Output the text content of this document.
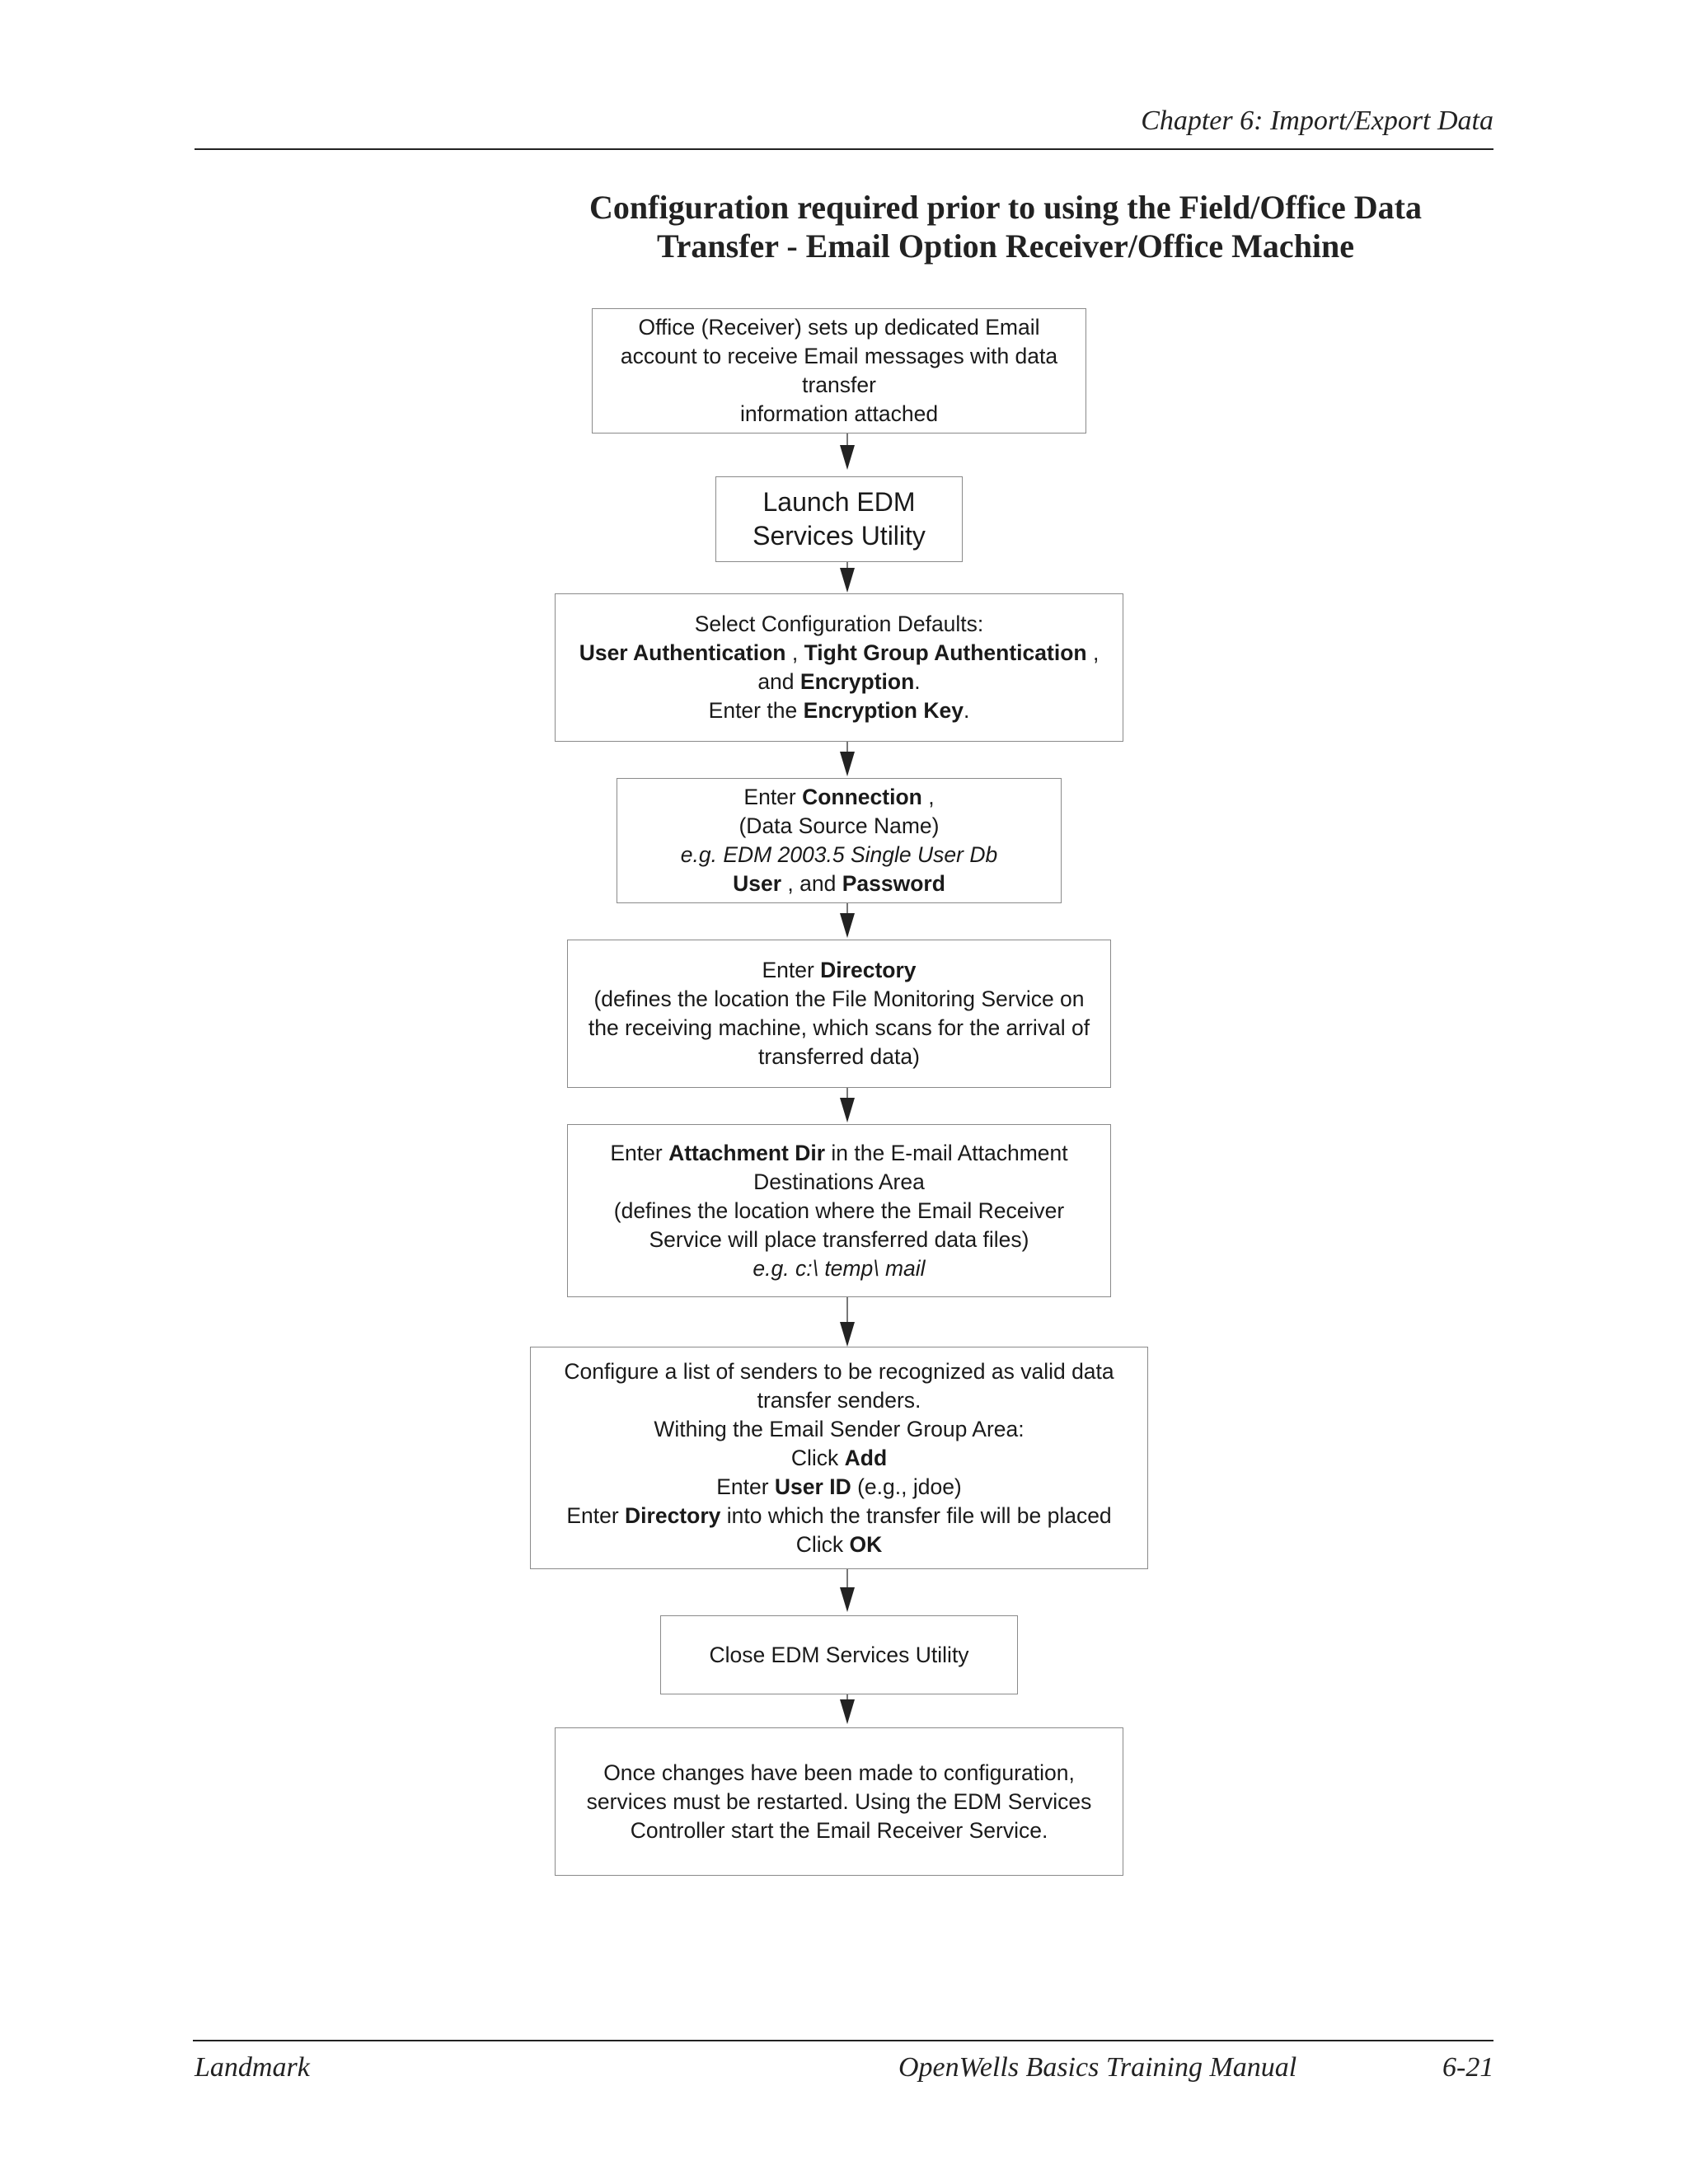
Chapter 6: Import/Export Data
Configuration required prior to using the Field/Office Data
Transfer - Email Option Receiver/Office Machine
Office (Receiver) sets up dedicated Email
account to receive Email messages with data
transfer
information attached
Launch EDM
Services Utility
Select Configuration Defaults:
User Authentication , Tight Group Authentication ,
and Encryption.
Enter the Encryption Key.
Enter Connection ,
(Data Source Name)
e.g. EDM 2003.5 Single User Db
User , and Password
Enter Directory
(defines the location the File Monitoring Service on
the receiving machine, which scans for the arrival of
transferred data)
Enter Attachment Dir in the E-mail Attachment
Destinations Area
(defines the location where the Email Receiver
Service will place transferred data files)
e.g. c:\ temp\ mail
Configure a list of senders to be recognized as valid data
transfer senders.
Withing the Email Sender Group Area:
Click Add
Enter User ID (e.g., jdoe)
Enter Directory into which the transfer file will be placed
Click OK
Close EDM Services Utility
Once changes have been made to configuration,
services must be restarted. Using the EDM Services
Controller start the Email Receiver Service.
Landmark	OpenWells Basics Training Manual	6-21
